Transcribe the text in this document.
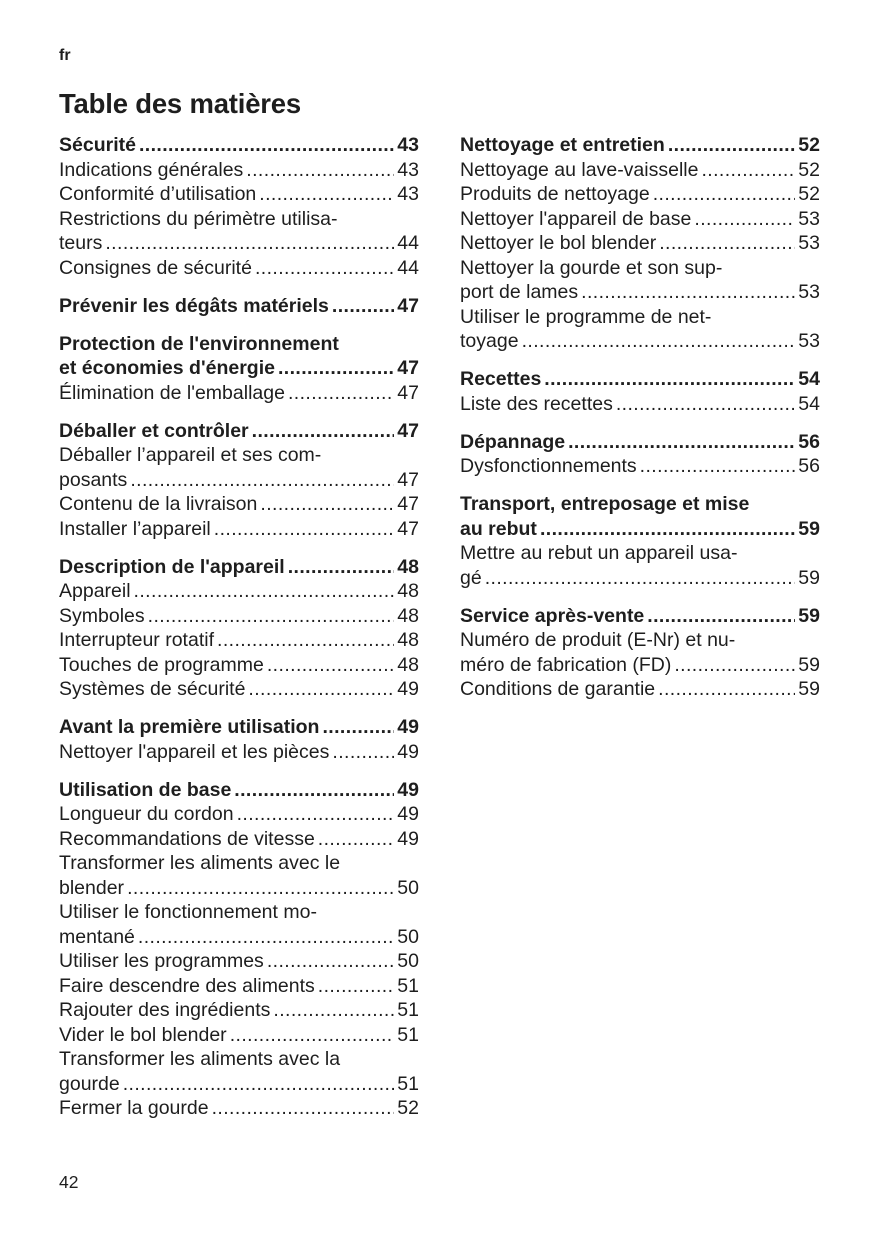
fr
Table des matières
Sécurité .....	43
Indications générales .....	43
Conformité d’utilisation .....	43
Restrictions du périmètre utilisa-
teurs .....	44
Consignes de sécurité .....	44
Prévenir les dégâts matériels .....	47
Protection de l'environnement
et économies d'énergie .....	47
Élimination de l'emballage .....	47
Déballer et contrôler .....	47
Déballer l’appareil et ses com-
posants .....	47
Contenu de la livraison .....	47
Installer l’appareil .....	47
Description de l'appareil .....	48
Appareil .....	48
Symboles .....	48
Interrupteur rotatif .....	48
Touches de programme .....	48
Systèmes de sécurité .....	49
Avant la première utilisation .....	49
Nettoyer l'appareil et les pièces .....	49
Utilisation de base .....	49
Longueur du cordon .....	49
Recommandations de vitesse .....	49
Transformer les aliments avec le
blender .....	50
Utiliser le fonctionnement mo-
mentané .....	50
Utiliser les programmes .....	50
Faire descendre des aliments .....	51
Rajouter des ingrédients .....	51
Vider le bol blender .....	51
Transformer les aliments avec la
gourde .....	51
Fermer la gourde .....	52
Nettoyage et entretien .....	52
Nettoyage au lave-vaisselle .....	52
Produits de nettoyage .....	52
Nettoyer l'appareil de base .....	53
Nettoyer le bol blender .....	53
Nettoyer la gourde et son sup-
port de lames .....	53
Utiliser le programme de net-
toyage .....	53
Recettes .....	54
Liste des recettes .....	54
Dépannage .....	56
Dysfonctionnements .....	56
Transport, entreposage et mise
au rebut .....	59
Mettre au rebut un appareil usa-
gé .....	59
Service après-vente .....	59
Numéro de produit (E-Nr) et nu-
méro de fabrication (FD) .....	59
Conditions de garantie .....	59
42
